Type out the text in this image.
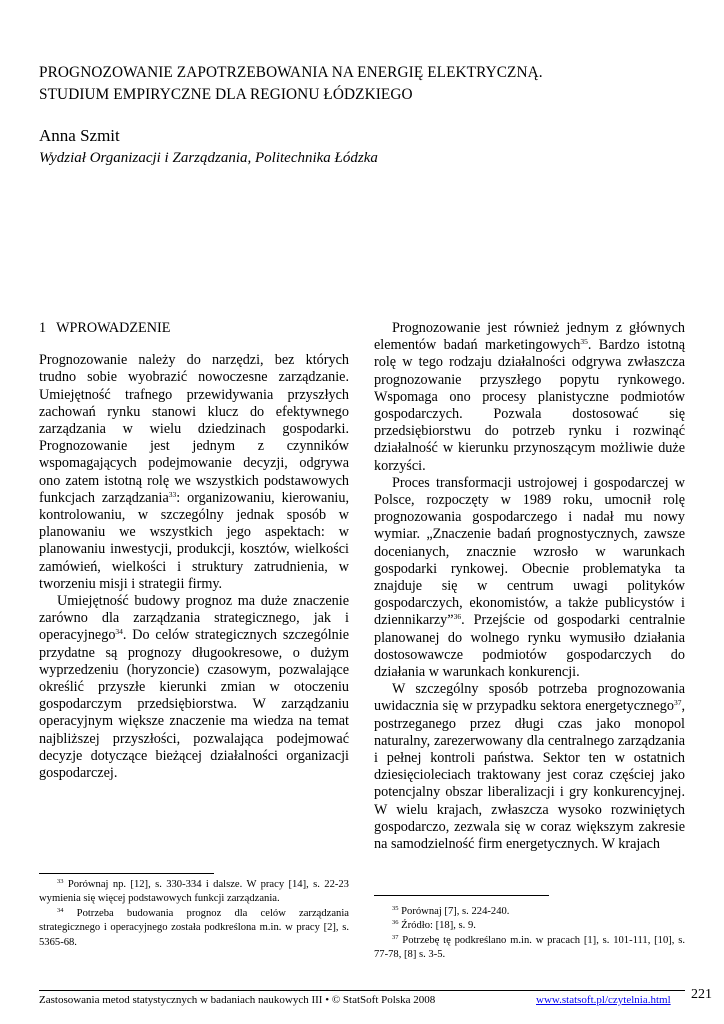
PROGNOZOWANIE ZAPOTRZEBOWANIA NA ENERGIĘ ELEKTRYCZNĄ.
STUDIUM EMPIRYCZNE DLA REGIONU ŁÓDZKIEGO
Anna Szmit
Wydział Organizacji i Zarządzania, Politechnika Łódzka
1 WPROWADZENIE

Prognozowanie należy do narzędzi, bez których trudno sobie wyobrazić nowoczesne zarządzanie. Umiejętność trafnego przewidywania przyszłych zachowań rynku stanowi klucz do efektywnego zarządzania w wielu dziedzinach gospodarki. Prognozowanie jest jednym z czynników wspomagających podejmowanie decyzji, odgrywa ono zatem istotną rolę we wszystkich podstawowych funkcjach zarządzania$^{33}$: organizowaniu, kierowaniu, kontrolowaniu, w szczególny jednak sposób w planowaniu we wszystkich jego aspektach: w planowaniu inwestycji, produkcji, kosztów, wielkości zamówień, wielkości i struktury zatrudnienia, w tworzeniu misji i strategii firmy.

Umiejętność budowy prognoz ma duże znaczenie zarówno dla zarządzania strategicznego, jak i operacyjnego$^{34}$. Do celów strategicznych szczególnie przydatne są prognozy długookresowe, o dużym wyprzedzeniu (horyzoncie) czasowym, pozwalające określić przyszłe kierunki zmian w otoczeniu gospodarczym przedsiębiorstwa. W zarządzaniu operacyjnym większe znaczenie ma wiedza na temat najbliższej przyszłości, pozwalająca podejmować decyzje dotyczące bieżącej działalności organizacji gospodarczej.

Prognozowanie jest również jednym z głównych elementów badań marketingowych$^{35}$. Bardzo istotną rolę w tego rodzaju działalności odgrywa zwłaszcza prognozowanie przyszłego popytu rynkowego. Wspomaga ono procesy planistyczne podmiotów gospodarczych. Pozwala dostosować się przedsiębiorstwu do potrzeb rynku i rozwinąć działalność w kierunku przynoszącym możliwie duże korzyści.

Proces transformacji ustrojowej i gospodarczej w Polsce, rozpoczęty w 1989 roku, umocnił rolę prognozowania gospodarczego i nadał mu nowy wymiar. „Znaczenie badań prognostycznych, zawsze docenianych, znacznie wzrosło w warunkach gospodarki rynkowej. Obecnie problematyka ta znajduje się w centrum uwagi polityków gospodarczych, ekonomistów, a także publicystów i dziennikarzy”$^{36}$. Przejście od gospodarki centralnie planowanej do wolnego rynku wymusiło działania dostosowawcze podmiotów gospodarczych do działania w warunkach konkurencji.

W szczególny sposób potrzeba prognozowania uwidacznia się w przypadku sektora energetycznego$^{37}$, postrzeganego przez długi czas jako monopol naturalny, zarezerwowany dla centralnego zarządzania i pełnej kontroli państwa. Sektor ten w ostatnich dziesięcioleciach traktowany jest coraz częściej jako potencjalny obszar liberalizacji i gry konkurencyjnej. W wielu krajach, zwłaszcza wysoko rozwiniętych gospodarczo, zezwala się w coraz większym zakresie na samodzielność firm energetycznych. W krajach

$^{33}$ Porównaj np. [12], s. 330-334 i dalsze. W pracy [14], s. 22-23 wymienia się więcej podstawowych funkcji zarządzania.

$^{34}$ Potrzeba budowania prognoz dla celów zarządzania strategicznego i operacyjnego została podkreślona m.in. w pracy [2], s. 5365-68.

$^{35}$ Porównaj [7], s. 224-240.

$^{36}$ Źródło: [18], s. 9.

$^{37}$ Potrzebę tę podkreślano m.in. w pracach [1], s. 101-111, [10], s. 77-78, [8] s. 3-5.

Zastosowania metod statystycznych w badaniach naukowych III • © StatSoft Polska 2008	www.statsoft.pl/czytelnia.html 221
